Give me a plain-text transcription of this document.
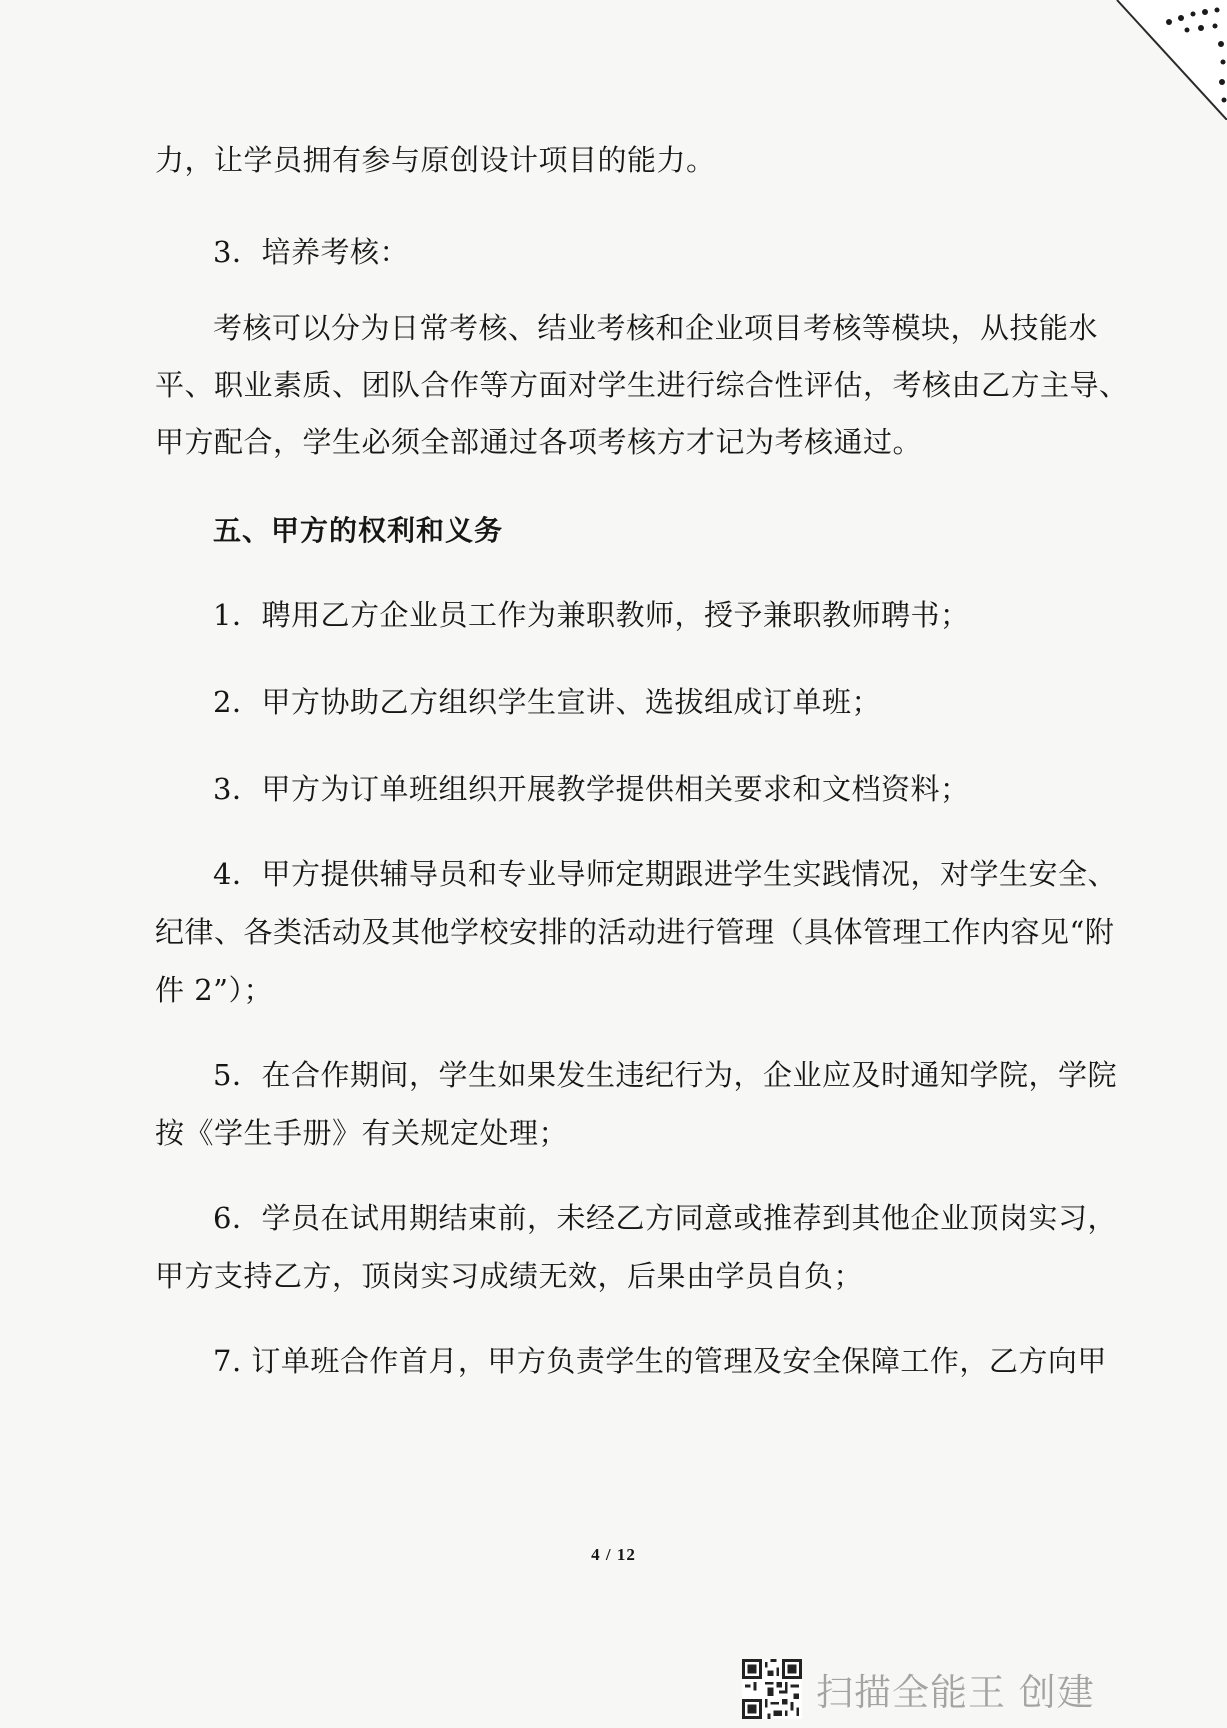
力，让学员拥有参与原创设计项目的能力。
3．培养考核：
考核可以分为日常考核、结业考核和企业项目考核等模块，从技能水
平、职业素质、团队合作等方面对学生进行综合性评估，考核由乙方主导、
甲方配合，学生必须全部通过各项考核方才记为考核通过。
五、甲方的权利和义务
1．聘用乙方企业员工作为兼职教师，授予兼职教师聘书；
2．甲方协助乙方组织学生宣讲、选拔组成订单班；
3．甲方为订单班组织开展教学提供相关要求和文档资料；
4．甲方提供辅导员和专业导师定期跟进学生实践情况，对学生安全、
纪律、各类活动及其他学校安排的活动进行管理（具体管理工作内容见“附
件 2”）；
5．在合作期间，学生如果发生违纪行为，企业应及时通知学院，学院
按《学生手册》有关规定处理；
6．学员在试用期结束前，未经乙方同意或推荐到其他企业顶岗实习，
甲方支持乙方，顶岗实习成绩无效，后果由学员自负；
7. 订单班合作首月，甲方负责学生的管理及安全保障工作，乙方向甲
4 / 12
扫描全能王 创建
